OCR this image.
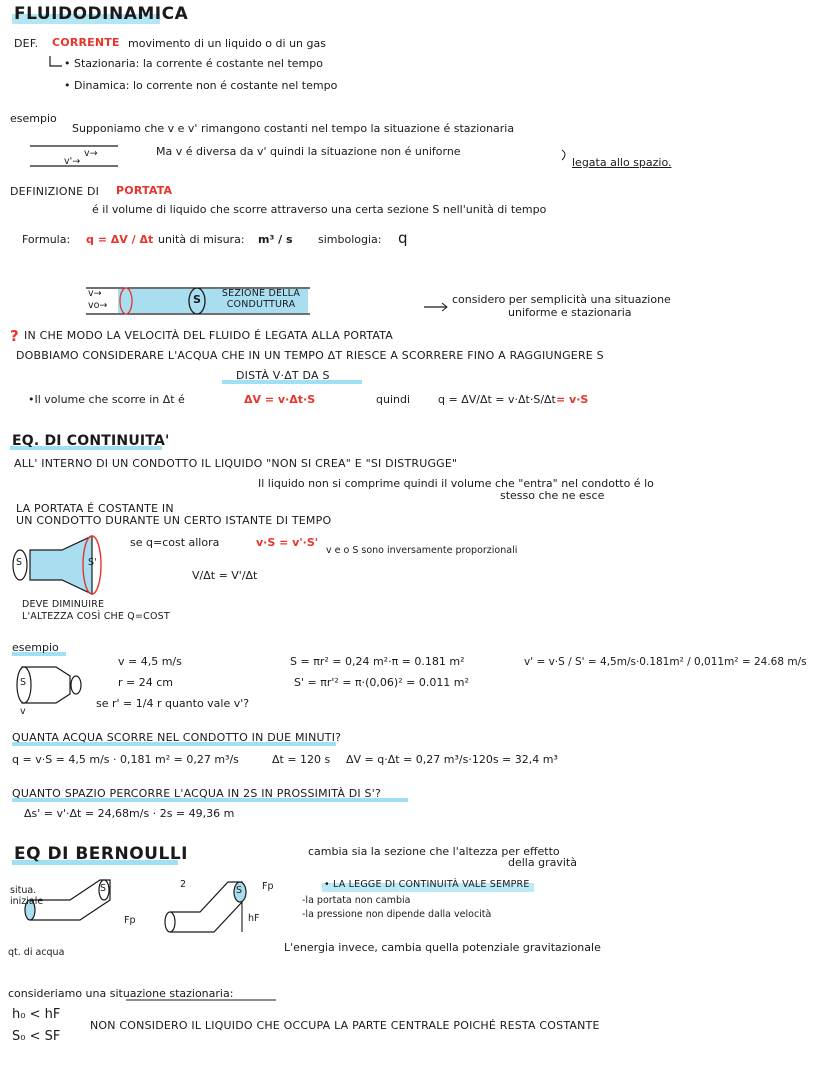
FLUIDODINAMICA
DEF. CORRENTE movimento di un liquido o di un gas
• Stazionaria: la corrente é costante nel tempo
• Dinamica: lo corrente non é costante nel tempo
esempio
Supponiamo che v e v' rimangono costanti nel tempo la situazione é stazionaria
Ma v é diversa da v' quindi la situazione non é uniforne
legata allo spazio.
v→
v'→
DEFINIZIONE DI PORTATA
é il volume di liquido che scorre attraverso una certa sezione S nell'unità di tempo
Formula: q = ΔV / Δt unità di misura: m³ / s simbologia: q
v→
vo→	S	SEZIONE DELLA CONDUTTURA	considero per semplicità una situazione
uniforme e stazionaria
? IN CHE MODO LA VELOCITÀ DEL FLUIDO É LEGATA ALLA PORTATA
DOBBIAMO CONSIDERARE L'ACQUA CHE IN UN TEMPO ΔT RIESCE A SCORRERE FINO A RAGGIUNGERE S
DISTÀ V·ΔT DA S
•Il volume che scorre in Δt é	ΔV = v·Δt·S	quindi	q = ΔV/Δt = v·Δt·S/Δt = v·S
EQ. DI CONTINUITA'
ALL' INTERNO DI UN CONDOTTO IL LIQUIDO "NON SI CREA" E "SI DISTRUGGE"
Il liquido non si comprime quindi il volume che "entra" nel condotto é lo
stesso che ne esce
LA PORTATA É COSTANTE IN
UN CONDOTTO DURANTE UN CERTO ISTANTE DI TEMPO
se q=cost allora	v·S = v'·S'
v e o S sono inversamente proporzionali
V/Δt = V'/Δt
S	S'
DEVE DIMINUIRE
L'ALTEZZA COSÌ CHE Q=COST
esempio
S
v
v = 4,5 m/s
r = 24 cm
se r' = 1/4 r quanto vale v'?
S = πr² = 0,24 m²·π = 0.181 m²
S' = πr'² = π·(0,06)² = 0.011 m²
v' = v·S / S' = 4,5m/s·0.181m² / 0,011m² = 24.68 m/s
QUANTA ACQUA SCORRE NEL CONDOTTO IN DUE MINUTI?
q = v·S = 4,5 m/s · 0,181 m² = 0,27 m³/s	Δt = 120 s ΔV = q·Δt = 0,27 m³/s·120s = 32,4 m³
QUANTO SPAZIO PERCORRE L'ACQUA IN 2S IN PROSSIMITÀ DI S'?
Δs' = v'·Δt = 24,68m/s · 2s = 49,36 m
EQ DI BERNOULLI	cambia sia la sezione che l'altezza per effetto
della gravità
• LA LEGGE DI CONTINUITÀ VALE SEMPRE
-la portata non cambia
-la pressione non dipende dalla velocità
L'energia invece, cambia quella potenziale gravitazionale
situa. iniziale
qt. di acqua
2	Fp
Fp	hF
S	S
consideriamo una situazione stazionaria:
h₀ < hF
S₀ < SF
NON CONSIDERO IL LIQUIDO CHE OCCUPA LA PARTE CENTRALE POICHÉ RESTA COSTANTE
